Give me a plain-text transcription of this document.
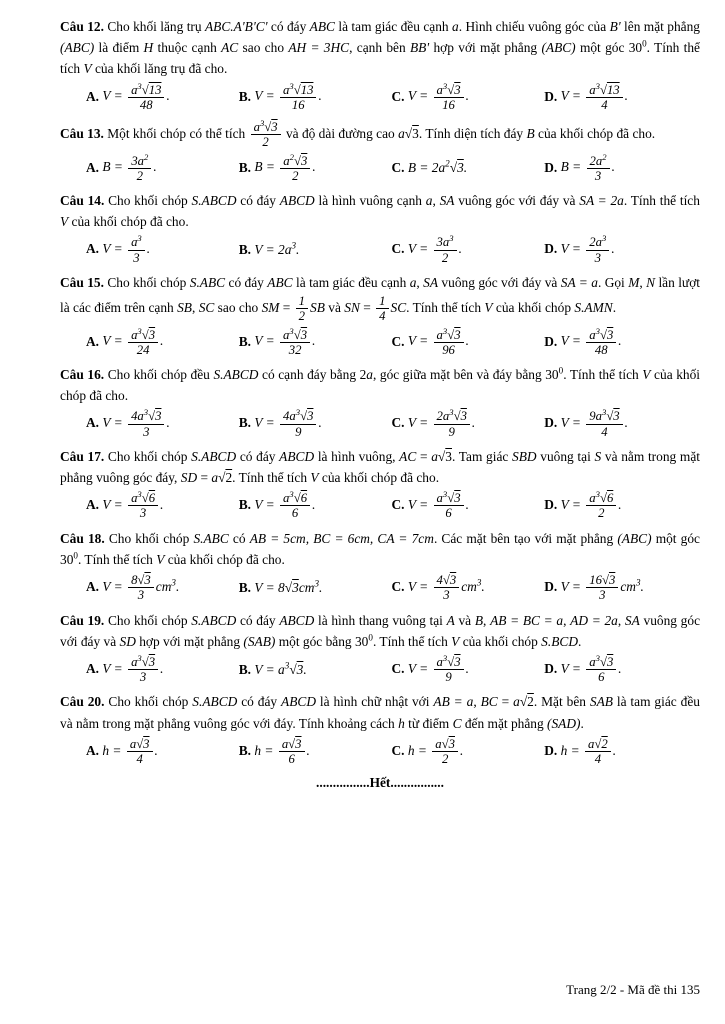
Câu 12. Cho khối lăng trụ ABC.A'B'C' có đáy ABC là tam giác đều cạnh a. Hình chiếu vuông góc của B' lên mặt phẳng (ABC) là điểm H thuộc cạnh AC sao cho AH = 3HC, cạnh bên BB' hợp với mặt phẳng (ABC) một góc $30^0$. Tính thể tích V của khối lăng trụ đã cho.

A. $V = \frac{a^3√13}{48}$ .	B. $V = \frac{a^3√13}{16}$ .	C. $V = \frac{a^3√3}{16}$ .	D. $V = \frac{a^3√13}{4}$ .

Câu 13. Một khối chóp có thể tích $\frac{a^3√3}{2}$ và độ dài đường cao a√3. Tính diện tích đáy B của khối chóp đã cho.

A. $B = \frac{3a^2}{2}$ .	B. $B = \frac{a^2√3}{2}$ .	C. $B = 2a^2√3$.	D. $B = \frac{2a^2}{3}$ .

Câu 14. Cho khối chóp S.ABCD có đáy ABCD là hình vuông cạnh a, SA vuông góc với đáy và SA = 2a. Tính thể tích V của khối chóp đã cho.

A. $V = \frac{a^3}{3}$ .	B. $V = 2a^3$.	C. $V = \frac{3a^3}{2}$ .	D. $V = \frac{2a^3}{3}$ .

Câu 15. Cho khối chóp S.ABC có đáy ABC là tam giác đều cạnh a, SA vuông góc với đáy và SA = a. Gọi M, N lần lượt là các điểm trên cạnh SB, SC sao cho SM = $\frac{1}{2}$ SB và SN = $\frac{1}{4}$ SC. Tính thể tích V của khối chóp S.AMN.

A. $V = \frac{a^3√3}{24}$ .	B. $V = \frac{a^3√3}{32}$ .	C. $V = \frac{a^3√3}{96}$ .	D. $V = \frac{a^3√3}{48}$ .

Câu 16. Cho khối chóp đều S.ABCD có cạnh đáy bằng 2a, góc giữa mặt bên và đáy bằng $30^0$. Tính thể tích V của khối chóp đã cho.

A. $V = \frac{4a^3√3}{3}$ .	B. $V = \frac{4a^3√3}{9}$ .	C. $V = \frac{2a^3√3}{9}$ .	D. $V = \frac{9a^3√3}{4}$ .

Câu 17. Cho khối chóp S.ABCD có đáy ABCD là hình vuông, AC = a√3. Tam giác SBD vuông tại S và nằm trong mặt phẳng vuông góc đáy, SD = a√2. Tính thể tích V của khối chóp đã cho.

A. $V = \frac{a^3√6}{3}$ .	B. $V = \frac{a^3√6}{6}$ .	C. $V = \frac{a^3√3}{6}$ .	D. $V = \frac{a^3√6}{2}$ .

Câu 18. Cho khối chóp S.ABC có AB = 5cm, BC = 6cm, CA = 7cm. Các mặt bên tạo với mặt phẳng (ABC) một góc $30^0$. Tính thể tích V của khối chóp đã cho.

A. $V = \frac{8√3}{3} cm^3$.	B. $V = 8√3cm^3$.	C. $V = \frac{4√3}{3} cm^3$.	D. $V = \frac{16√3}{3} cm^3$.

Câu 19. Cho khối chóp S.ABCD có đáy ABCD là hình thang vuông tại A và B, AB = BC = a, AD = 2a, SA vuông góc với đáy và SD hợp với mặt phẳng (SAB) một góc bằng $30^0$. Tính thể tích V của khối chóp S.BCD.

A. $V = \frac{a^3√3}{3}$ .	B. $V = a^3√3$.	C. $V = \frac{a^3√3}{9}$ .	D. $V = \frac{a^3√3}{6}$ .

Câu 20. Cho khối chóp S.ABCD có đáy ABCD là hình chữ nhật với AB = a, BC = a√2. Mặt bên SAB là tam giác đều và nằm trong mặt phẳng vuông góc với đáy. Tính khoảng cách h từ điểm C đến mặt phẳng (SAD).

A. $h = \frac{a√3}{4}$ .	B. $h = \frac{a√3}{6}$ .	C. $h = \frac{a√3}{2}$ .	D. $h = \frac{a√2}{4}$ .

................Hết................

Trang 2/2 - Mã đề thi 135
